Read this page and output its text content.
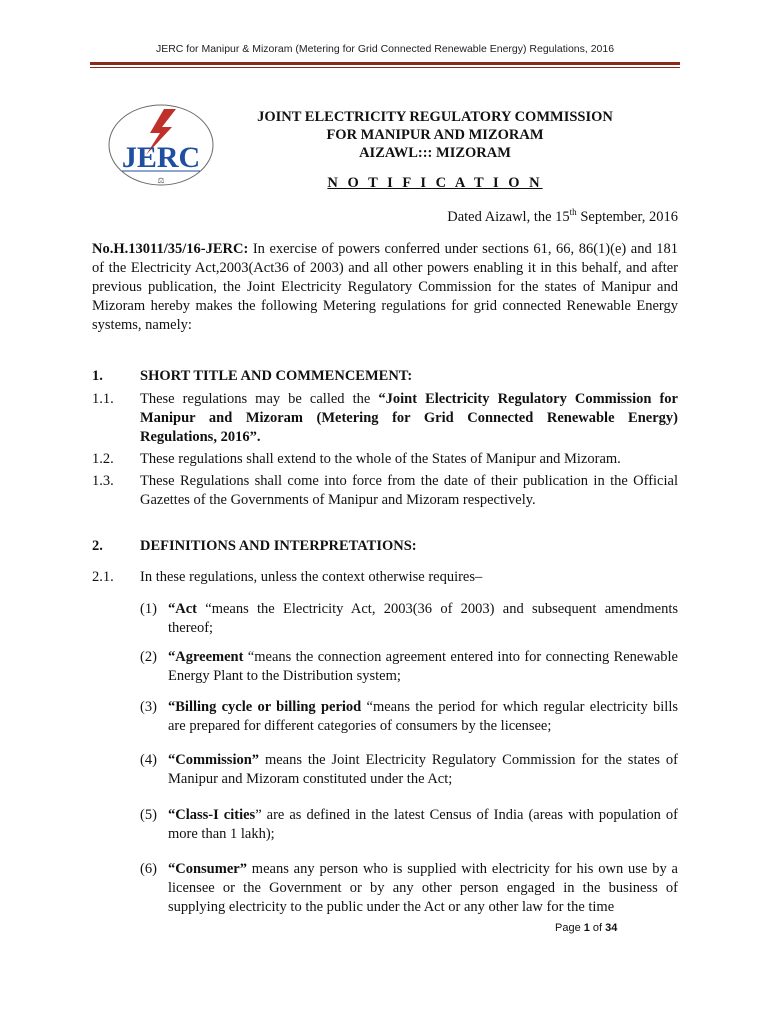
JERC for Manipur & Mizoram (Metering for Grid Connected Renewable Energy) Regulations, 2016
JERC
⚖
JOINT ELECTRICITY REGULATORY COMMISSION
FOR MANIPUR AND MIZORAM
AIZAWL::: MIZORAM
N O T I F I C A T I O N
Dated Aizawl, the 15th September, 2016
No.H.13011/35/16-JERC: In exercise of powers conferred under sections 61, 66, 86(1)(e) and 181 of the Electricity Act,2003(Act36 of 2003) and all other powers enabling it in this behalf, and after previous publication, the Joint Electricity Regulatory Commission for the states of Manipur and Mizoram hereby makes the following Metering regulations for grid connected Renewable Energy systems, namely:
1.	SHORT TITLE AND COMMENCEMENT:
1.1. These regulations may be called the “Joint Electricity Regulatory Commission for Manipur and Mizoram (Metering for Grid Connected Renewable Energy) Regulations, 2016”.
1.2. These regulations shall extend to the whole of the States of Manipur and Mizoram.
1.3. These Regulations shall come into force from the date of their publication in the Official Gazettes of the Governments of Manipur and Mizoram respectively.
2.	DEFINITIONS AND INTERPRETATIONS:
2.1. In these regulations, unless the context otherwise requires–
(1) “Act “means the Electricity Act, 2003(36 of 2003) and subsequent amendments thereof;
(2) “Agreement “means the connection agreement entered into for connecting Renewable Energy Plant to the Distribution system;
(3) “Billing cycle or billing period “means the period for which regular electricity bills are prepared for different categories of consumers by the licensee;
(4) “Commission” means the Joint Electricity Regulatory Commission for the states of Manipur and Mizoram constituted under the Act;
(5) “Class-I cities” are as defined in the latest Census of India (areas with population of more than 1 lakh);
(6) “Consumer” means any person who is supplied with electricity for his own use by a licensee or the Government or by any other person engaged in the business of supplying electricity to the public under the Act or any other law for the time
Page 1 of 34
